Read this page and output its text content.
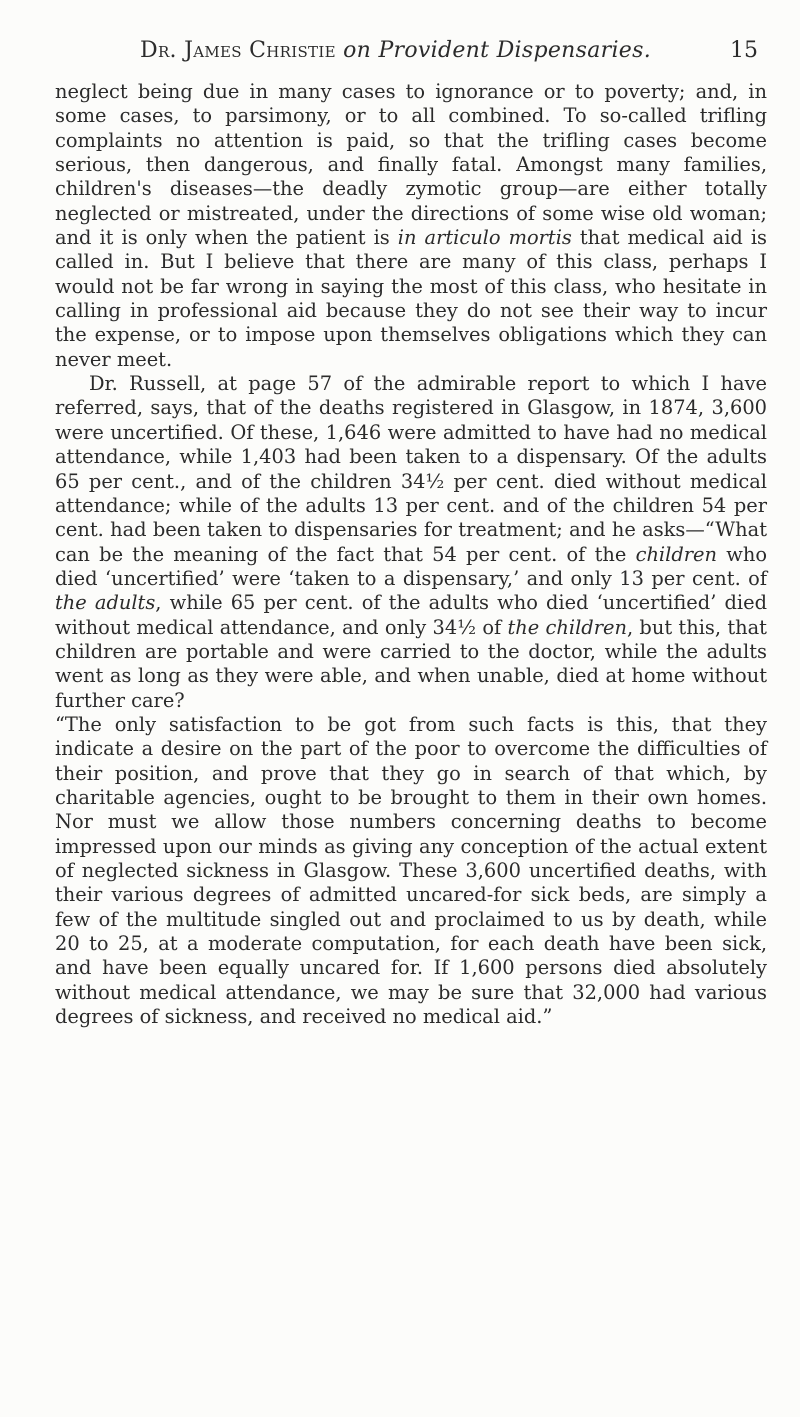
Dr. James Christie on Provident Dispensaries.	15

neglect being due in many cases to ignorance or to poverty; and, in some cases, to parsimony, or to all combined. To so-called trifling complaints no attention is paid, so that the trifling cases become serious, then dangerous, and finally fatal. Amongst many families, children's diseases—the deadly zymotic group—are either totally neglected or mistreated, under the directions of some wise old woman; and it is only when the patient is in articulo mortis that medical aid is called in. But I believe that there are many of this class, perhaps I would not be far wrong in saying the most of this class, who hesitate in calling in professional aid because they do not see their way to incur the expense, or to impose upon themselves obligations which they can never meet.

Dr. Russell, at page 57 of the admirable report to which I have referred, says, that of the deaths registered in Glasgow, in 1874, 3,600 were uncertified. Of these, 1,646 were admitted to have had no medical attendance, while 1,403 had been taken to a dispensary. Of the adults 65 per cent., and of the children 34½ per cent. died without medical attendance; while of the adults 13 per cent. and of the children 54 per cent. had been taken to dispensaries for treatment; and he asks—“What can be the meaning of the fact that 54 per cent. of the children who died ‘uncertified’ were ‘taken to a dispensary,’ and only 13 per cent. of the adults, while 65 per cent. of the adults who died ‘uncertified’ died without medical attendance, and only 34½ of the children, but this, that children are portable and were carried to the doctor, while the adults went as long as they were able, and when unable, died at home without further care?

“The only satisfaction to be got from such facts is this, that they indicate a desire on the part of the poor to overcome the difficulties of their position, and prove that they go in search of that which, by charitable agencies, ought to be brought to them in their own homes. Nor must we allow those numbers concerning deaths to become impressed upon our minds as giving any conception of the actual extent of neglected sickness in Glasgow. These 3,600 uncertified deaths, with their various degrees of admitted uncared-for sick beds, are simply a few of the multitude singled out and proclaimed to us by death, while 20 to 25, at a moderate computation, for each death have been sick, and have been equally uncared for. If 1,600 persons died absolutely without medical attendance, we may be sure that 32,000 had various degrees of sickness, and received no medical aid.”
